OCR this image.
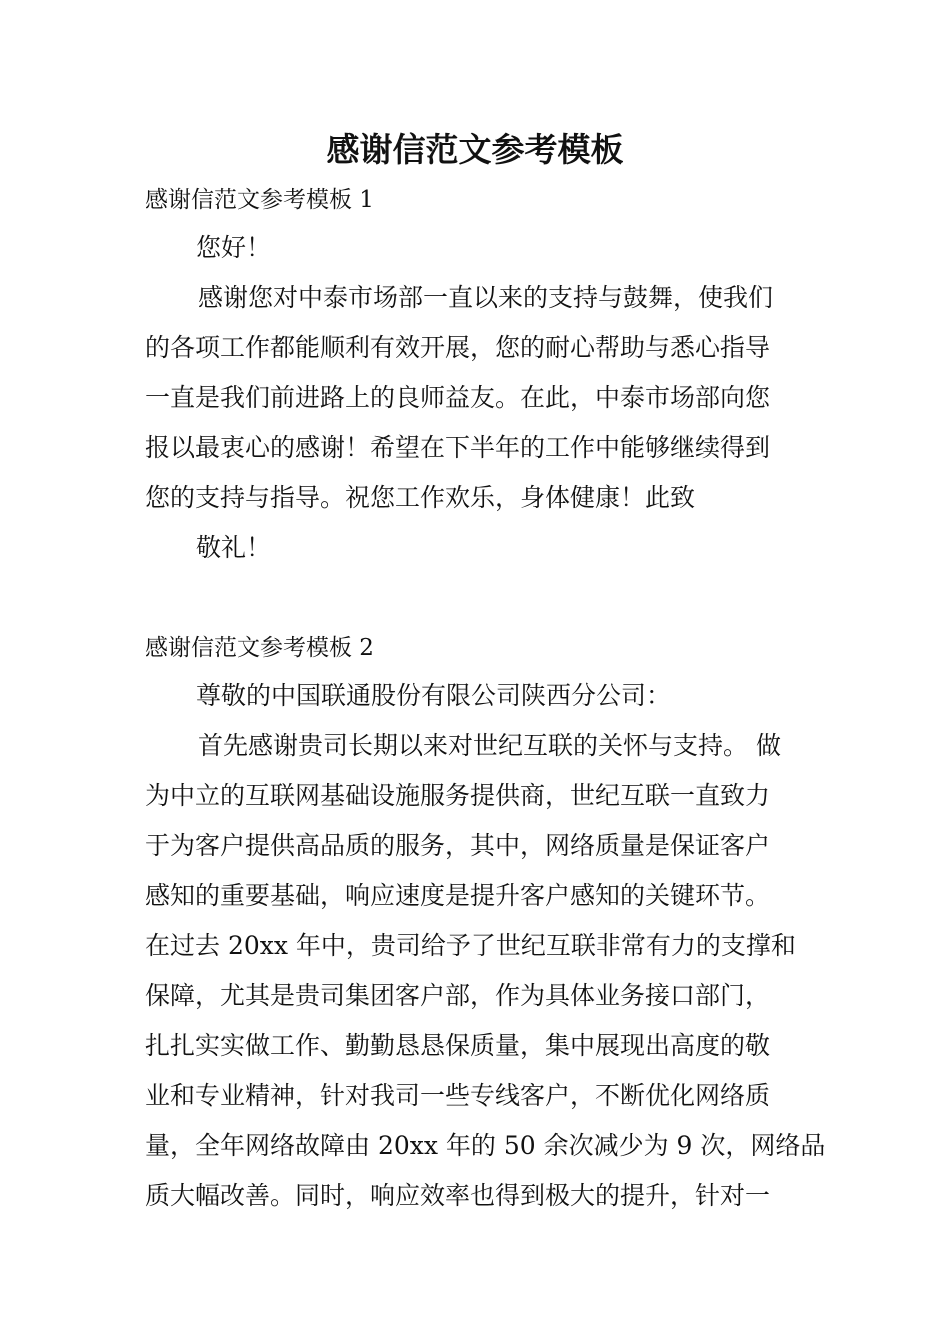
感谢信范文参考模板

感谢信范文参考模板 1

您好！

感谢您对中泰市场部一直以来的支持与鼓舞，使我们

的各项工作都能顺利有效开展，您的耐心帮助与悉心指导

一直是我们前进路上的良师益友。在此，中泰市场部向您

报以最衷心的感谢！希望在下半年的工作中能够继续得到

您的支持与指导。祝您工作欢乐，身体健康！此致

敬礼！

感谢信范文参考模板 2

尊敬的中国联通股份有限公司陕西分公司：

首先感谢贵司长期以来对世纪互联的关怀与支持。 做

为中立的互联网基础设施服务提供商，世纪互联一直致力

于为客户提供高品质的服务，其中，网络质量是保证客户

感知的重要基础，响应速度是提升客户感知的关键环节。

在过去 20xx 年中，贵司给予了世纪互联非常有力的支撑和

保障，尤其是贵司集团客户部，作为具体业务接口部门，

扎扎实实做工作、勤勤恳恳保质量，集中展现出高度的敬

业和专业精神，针对我司一些专线客户，不断优化网络质

量，全年网络故障由 20xx 年的 50 余次减少为 9 次，网络品

质大幅改善。同时，响应效率也得到极大的提升，针对一
